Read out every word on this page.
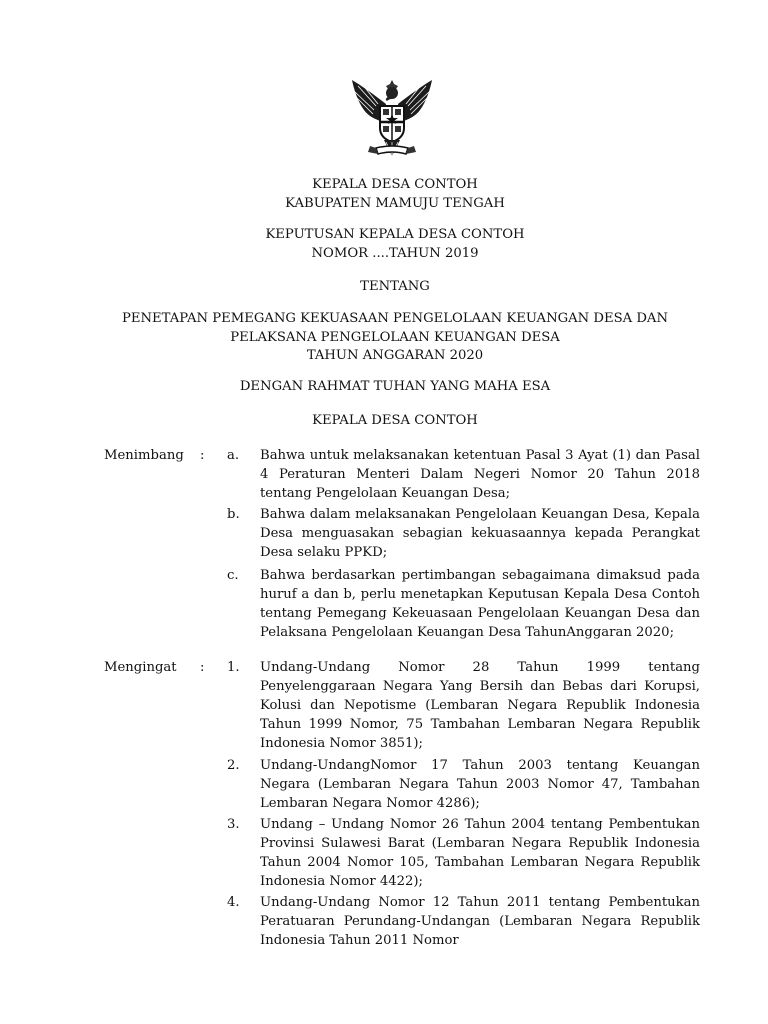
KEPALA DESA CONTOH
KABUPATEN MAMUJU TENGAH
KEPUTUSAN KEPALA DESA CONTOH
NOMOR ....TAHUN 2019
TENTANG
PENETAPAN PEMEGANG KEKUASAAN PENGELOLAAN KEUANGAN DESA DAN
PELAKSANA PENGELOLAAN KEUANGAN DESA
TAHUN ANGGARAN 2020
DENGAN RAHMAT TUHAN YANG MAHA ESA
KEPALA DESA CONTOH
Menimbang : a. Bahwa untuk melaksanakan ketentuan Pasal 3 Ayat (1) dan Pasal 4 Peraturan Menteri Dalam Negeri Nomor 20 Tahun 2018 tentang Pengelolaan Keuangan Desa;
b. Bahwa dalam melaksanakan Pengelolaan Keuangan Desa, Kepala Desa menguasakan sebagian kekuasaannya kepada Perangkat Desa selaku PPKD;
c. Bahwa berdasarkan pertimbangan sebagaimana dimaksud pada huruf a dan b, perlu menetapkan Keputusan Kepala Desa Contoh tentang Pemegang Kekeuasaan Pengelolaan Keuangan Desa dan Pelaksana Pengelolaan Keuangan Desa TahunAnggaran 2020;
Mengingat	: 1. Undang-Undang Nomor 28 Tahun 1999 tentang Penyelenggaraan Negara Yang Bersih dan Bebas dari Korupsi, Kolusi dan Nepotisme (Lembaran Negara Republik Indonesia Tahun 1999 Nomor, 75 Tambahan Lembaran Negara Republik Indonesia Nomor 3851);
2. Undang-UndangNomor 17 Tahun 2003 tentang Keuangan Negara (Lembaran Negara Tahun 2003 Nomor 47, Tambahan Lembaran Negara Nomor 4286);
3. Undang – Undang Nomor 26 Tahun 2004 tentang Pembentukan Provinsi Sulawesi Barat (Lembaran Negara Republik Indonesia Tahun 2004 Nomor 105, Tambahan Lembaran Negara Republik Indonesia Nomor 4422);
4. Undang-Undang Nomor 12 Tahun 2011 tentang Pembentukan Peratuaran Perundang-Undangan (Lembaran Negara Republik Indonesia Tahun 2011 Nomor
